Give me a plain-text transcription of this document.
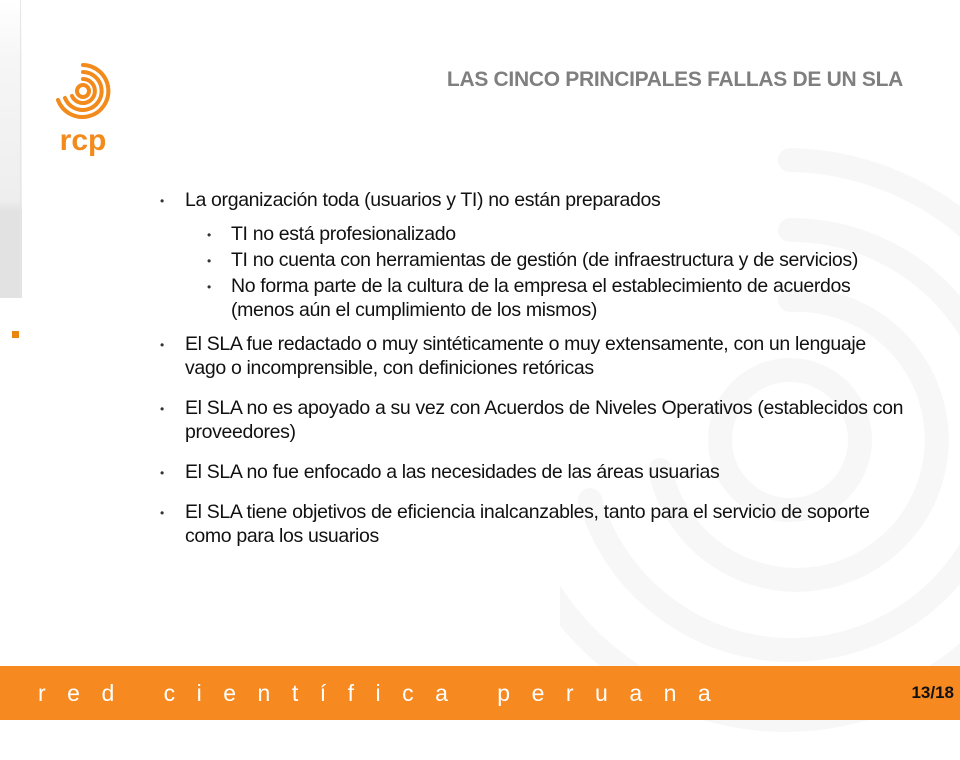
rcp
LAS CINCO PRINCIPALES FALLAS DE UN SLA
• La organización toda (usuarios y TI) no están preparados
• TI no está profesionalizado
• TI no cuenta con herramientas de gestión (de infraestructura y de servicios)
• No forma parte de la cultura de la empresa el establecimiento de acuerdos (menos aún el cumplimiento de los mismos)
• El SLA fue redactado o muy sintéticamente o muy extensamente, con un lenguaje vago o incomprensible, con definiciones retóricas
• El SLA no es apoyado a su vez con Acuerdos de Niveles Operativos (establecidos con proveedores)
• El SLA no fue enfocado a las necesidades de las áreas usuarias
• El SLA tiene objetivos de eficiencia inalcanzables, tanto para el servicio de soporte como para los usuarios

red científica peruana	13/18
